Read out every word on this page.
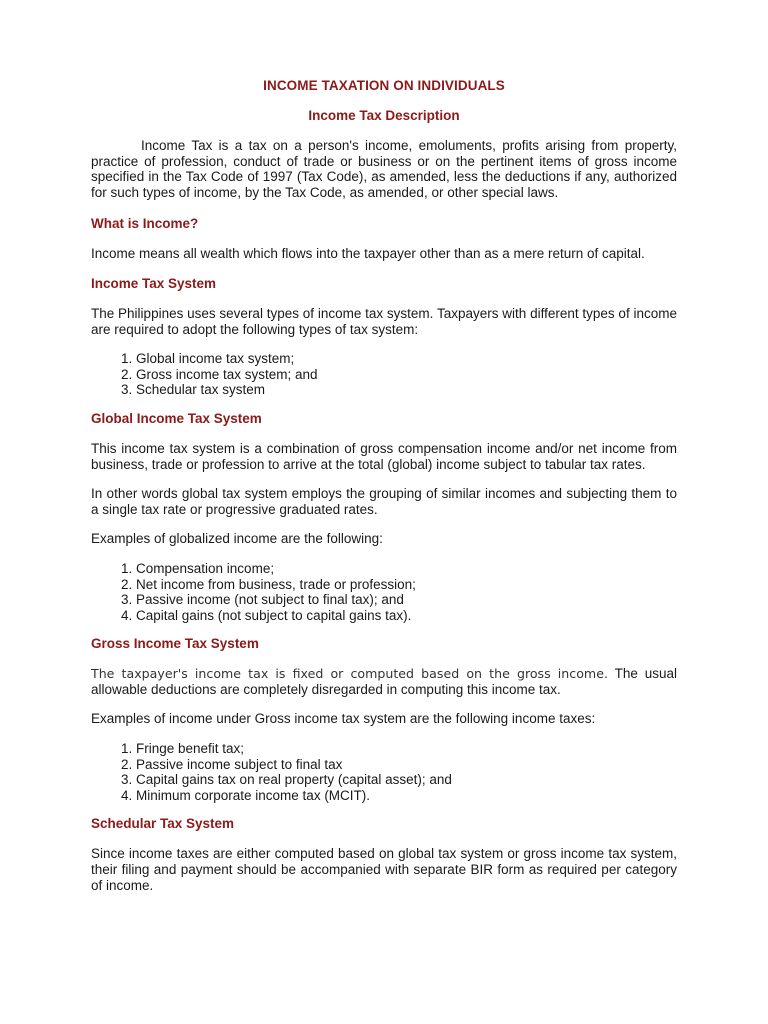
INCOME TAXATION ON INDIVIDUALS
Income Tax Description

Income Tax is a tax on a person's income, emoluments, profits arising from property, practice of profession, conduct of trade or business or on the pertinent items of gross income specified in the Tax Code of 1997 (Tax Code), as amended, less the deductions if any, authorized for such types of income, by the Tax Code, as amended, or other special laws.

What is Income?

Income means all wealth which flows into the taxpayer other than as a mere return of capital.

Income Tax System

The Philippines uses several types of income tax system. Taxpayers with different types of income are required to adopt the following types of tax system:

1. Global income tax system;
2. Gross income tax system; and
3. Schedular tax system
Global Income Tax System

This income tax system is a combination of gross compensation income and/or net income from business, trade or profession to arrive at the total (global) income subject to tabular tax rates.

In other words global tax system employs the grouping of similar incomes and subjecting them to a single tax rate or progressive graduated rates.

Examples of globalized income are the following:

1. Compensation income;
2. Net income from business, trade or profession;
3. Passive income (not subject to final tax); and
4. Capital gains (not subject to capital gains tax).
Gross Income Tax System

The taxpayer's income tax is fixed or computed based on the gross income. The usual allowable deductions are completely disregarded in computing this income tax.

Examples of income under Gross income tax system are the following income taxes:

1. Fringe benefit tax;
2. Passive income subject to final tax
3. Capital gains tax on real property (capital asset); and
4. Minimum corporate income tax (MCIT).
Schedular Tax System

Since income taxes are either computed based on global tax system or gross income tax system, their filing and payment should be accompanied with separate BIR form as required per category of income.
